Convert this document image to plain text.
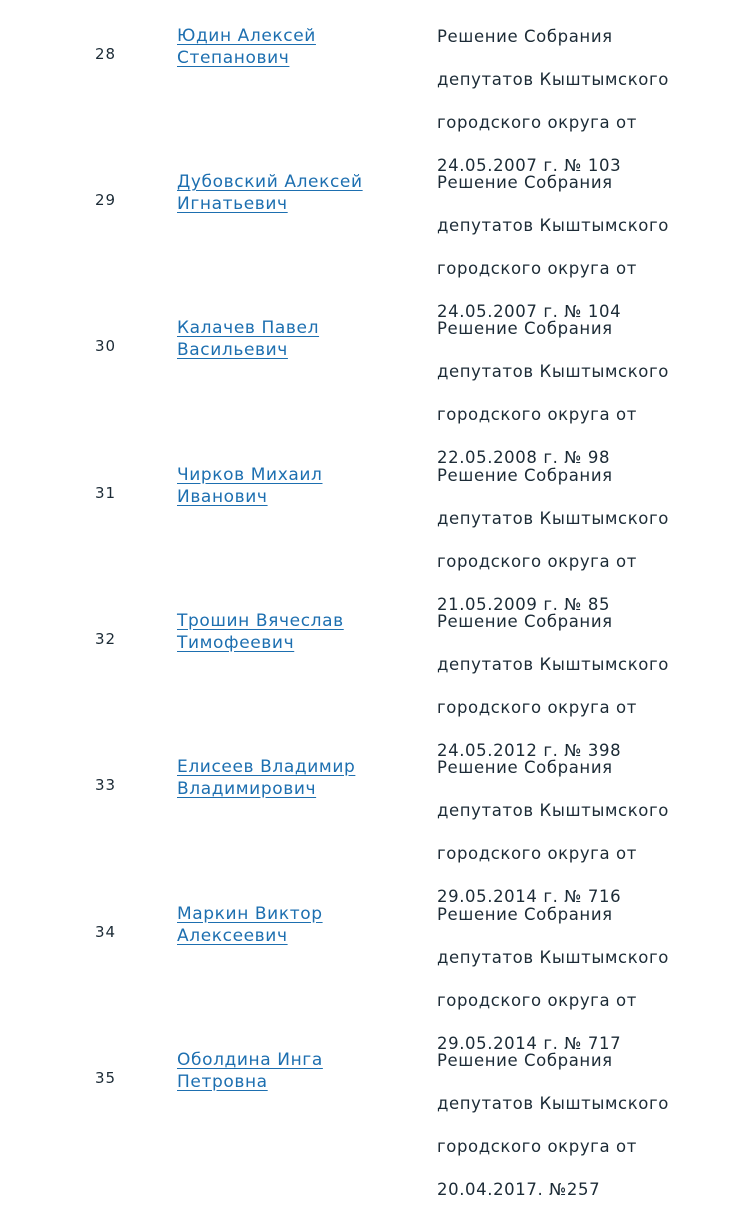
28
Юдин Алексей Степанович

Решение Собрания

депутатов Кыштымского

городского округа от

24.05.2007 г. № 103

29
Дубовский Алексей Игнатьевич

Решение Собрания

депутатов Кыштымского

городского округа от

24.05.2007 г. № 104

30
Калачев Павел Васильевич

Решение Собрания

депутатов Кыштымского

городского округа от

22.05.2008 г. № 98

31
Чирков Михаил Иванович

Решение Собрания

депутатов Кыштымского

городского округа от

21.05.2009 г. № 85

32
Трошин Вячеслав Тимофеевич

Решение Собрания

депутатов Кыштымского

городского округа от

24.05.2012 г. № 398

33
Елисеев Владимир Владимирович

Решение Собрания

депутатов Кыштымского

городского округа от

29.05.2014 г. № 716

34
Маркин Виктор Алексеевич

Решение Собрания

депутатов Кыштымского

городского округа от

29.05.2014 г. № 717

35
Оболдина Инга Петровна

Решение Собрания

депутатов Кыштымского

городского округа от

20.04.2017. №257
